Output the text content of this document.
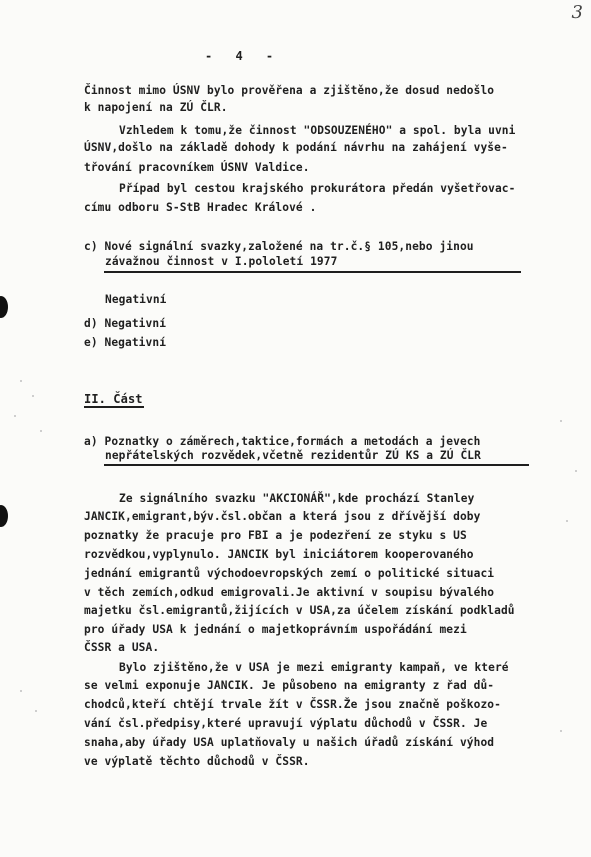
3
- 4 -
Činnost mimo ÚSNV bylo prověřena a zjištěno,že dosud nedošlo
k napojení na ZÚ ČLR.
Vzhledem k tomu,že činnost "ODSOUZENÉHO" a spol. byla uvni
ÚSNV,došlo na základě dohody k podání návrhu na zahájení vyše-
třování pracovníkem ÚSNV Valdice.
Případ byl cestou krajského prokurátora předán vyšetřovac-
címu odboru S-StB Hradec Králové .
c) Nové signální svazky,založené na tr.č.§ 105,nebo jinou
závažnou činnost v I.pololetí 1977
Negativní
d) Negativní
e) Negativní
II. Část
a) Poznatky o záměrech,taktice,formách a metodách a jevech
nepřátelských rozvědek,včetně rezidentůr ZÚ KS a ZÚ ČLR
Ze signálního svazku "AKCIONÁŘ",kde prochází Stanley
JANCIK,emigrant,býv.čsl.občan a která jsou z dřívější doby
poznatky že pracuje pro FBI a je podezření ze styku s US
rozvědkou,vyplynulo. JANCIK byl iniciátorem kooperovaného
jednání emigrantů východoevropských zemí o politické situaci
v těch zemích,odkud emigrovali.Je aktivní v soupisu bývalého
majetku čsl.emigrantů,žijících v USA,za účelem získání podkladů
pro úřady USA k jednání o majetkoprávním uspořádání mezi
ČSSR a USA.
Bylo zjištěno,že v USA je mezi emigranty kampaň, ve které
se velmi exponuje JANCIK. Je působeno na emigranty z řad dů-
chodců,kteří chtějí trvale žít v ČSSR.Že jsou značně poškozo-
vání čsl.předpisy,které upravují výplatu důchodů v ČSSR. Je
snaha,aby úřady USA uplatňovaly u našich úřadů získání výhod
ve výplatě těchto důchodů v ČSSR.
